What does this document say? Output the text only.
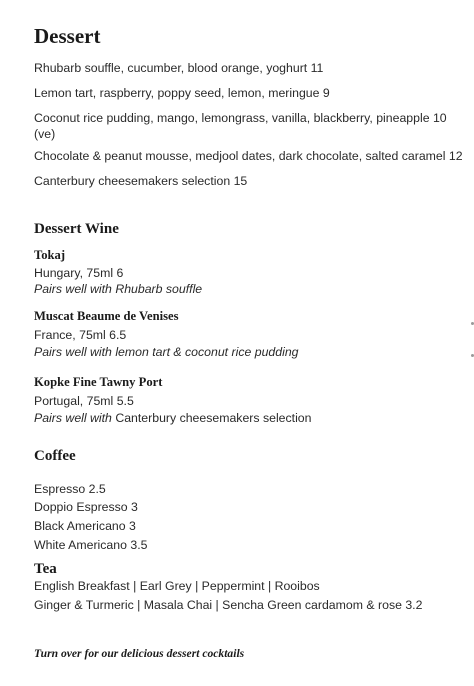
Dessert
Rhubarb souffle, cucumber, blood orange, yoghurt 11
Lemon tart, raspberry, poppy seed, lemon, meringue 9
Coconut rice pudding, mango, lemongrass, vanilla, blackberry, pineapple 10 (ve)
Chocolate & peanut mousse, medjool dates, dark chocolate, salted caramel 12
Canterbury cheesemakers selection 15
Dessert Wine
Tokaj
Hungary, 75ml 6
Pairs well with Rhubarb souffle
Muscat Beaume de Venises
France, 75ml 6.5
Pairs well with lemon tart & coconut rice pudding
Kopke Fine Tawny Port
Portugal, 75ml 5.5
Pairs well with Canterbury cheesemakers selection
Coffee
Espresso 2.5
Doppio Espresso 3
Black Americano 3
White Americano 3.5
Tea
English Breakfast | Earl Grey | Peppermint | Rooibos
Ginger & Turmeric | Masala Chai | Sencha Green cardamom & rose 3.2
Turn over for our delicious dessert cocktails
